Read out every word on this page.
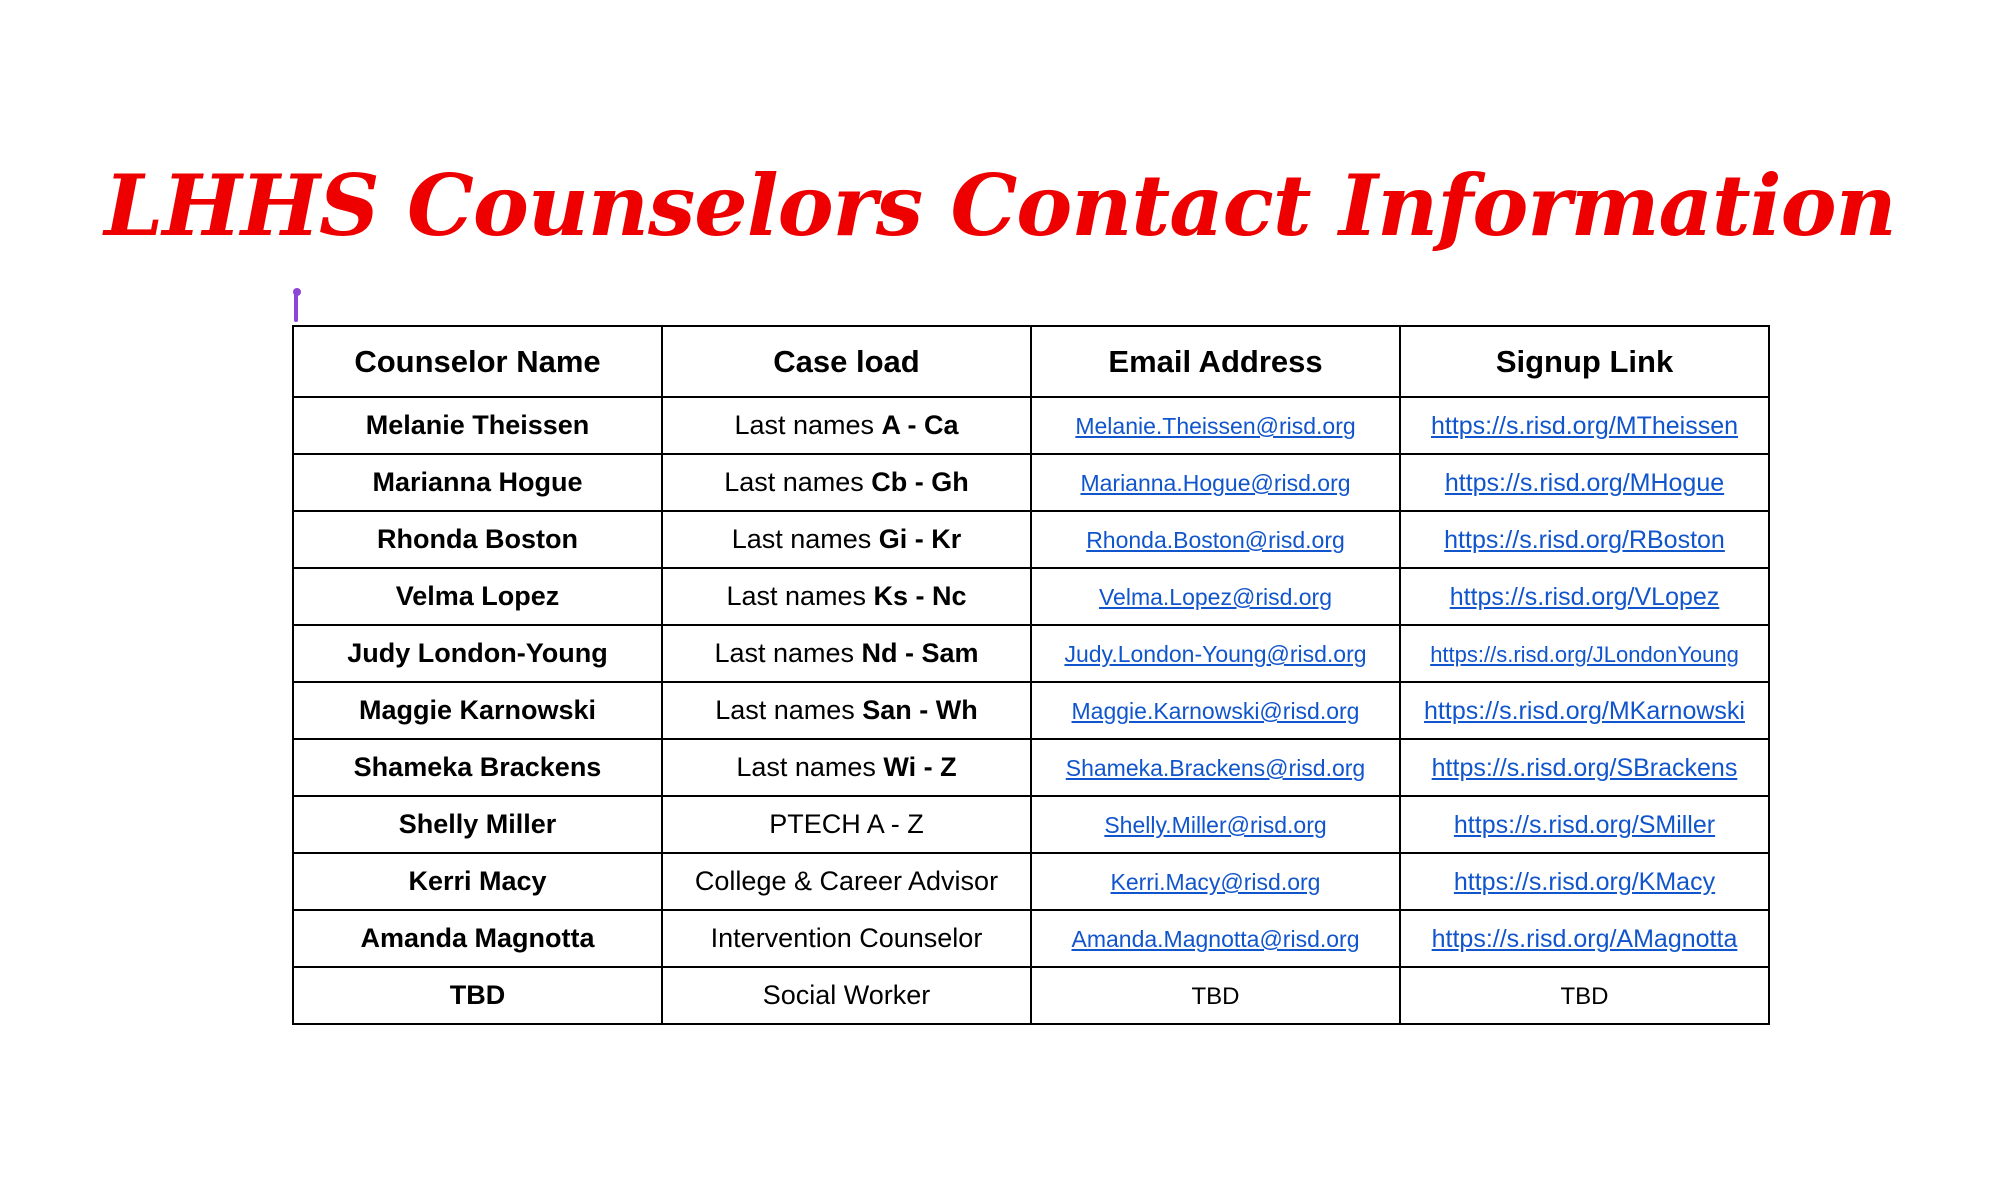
LHHS Counselors Contact Information
Counselor Name	Case load	Email Address	Signup Link
Melanie Theissen	Last names A - Ca	Melanie.Theissen@risd.org	https://s.risd.org/MTheissen
Marianna Hogue	Last names Cb - Gh	Marianna.Hogue@risd.org	https://s.risd.org/MHogue
Rhonda Boston	Last names Gi - Kr	Rhonda.Boston@risd.org	https://s.risd.org/RBoston
Velma Lopez	Last names Ks - Nc	Velma.Lopez@risd.org	https://s.risd.org/VLopez
Judy London-Young	Last names Nd - Sam	Judy.London-Young@risd.org	https://s.risd.org/JLondonYoung
Maggie Karnowski	Last names San - Wh	Maggie.Karnowski@risd.org	https://s.risd.org/MKarnowski
Shameka Brackens	Last names Wi - Z	Shameka.Brackens@risd.org	https://s.risd.org/SBrackens
Shelly Miller	PTECH A - Z	Shelly.Miller@risd.org	https://s.risd.org/SMiller
Kerri Macy	College & Career Advisor	Kerri.Macy@risd.org	https://s.risd.org/KMacy
Amanda Magnotta	Intervention Counselor	Amanda.Magnotta@risd.org	https://s.risd.org/AMagnotta
TBD	Social Worker	TBD	TBD
